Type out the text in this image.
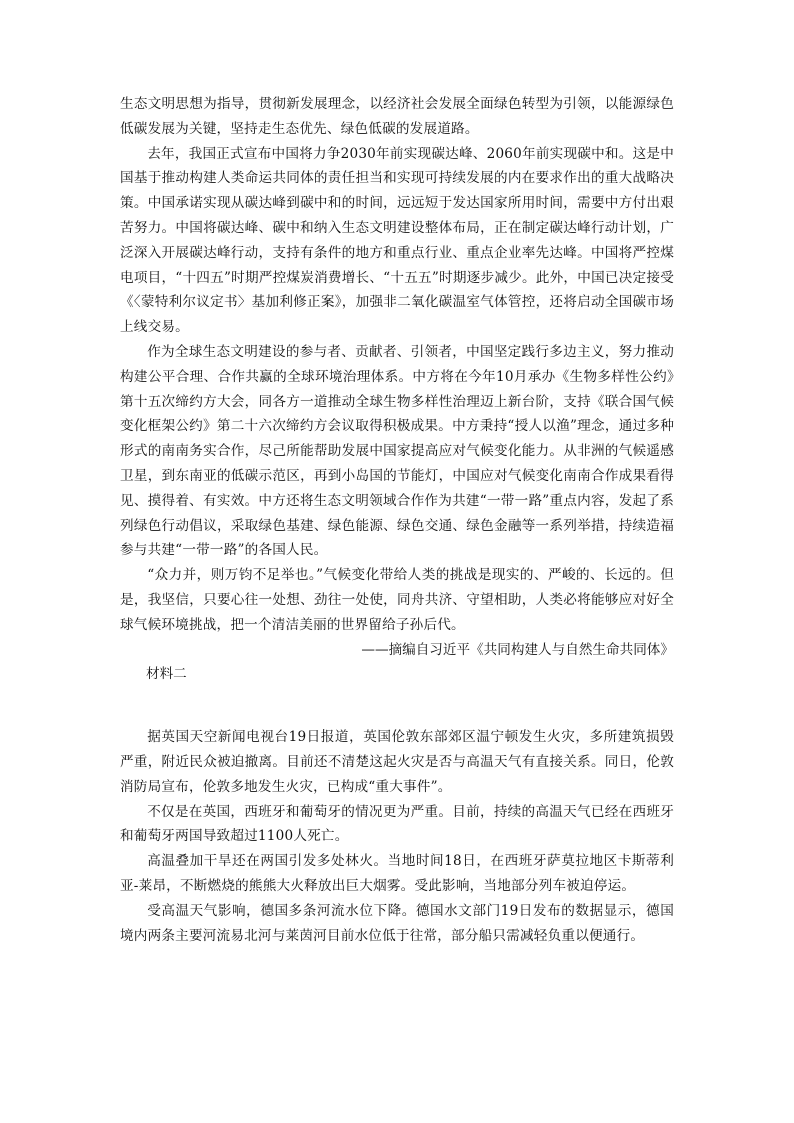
生态文明思想为指导，贯彻新发展理念，以经济社会发展全面绿色转型为引领，以能源绿色低碳发展为关键，坚持走生态优先、绿色低碳的发展道路。

去年，我国正式宣布中国将力争2030年前实现碳达峰、2060年前实现碳中和。这是中国基于推动构建人类命运共同体的责任担当和实现可持续发展的内在要求作出的重大战略决策。中国承诺实现从碳达峰到碳中和的时间，远远短于发达国家所用时间，需要中方付出艰苦努力。中国将碳达峰、碳中和纳入生态文明建设整体布局，正在制定碳达峰行动计划，广泛深入开展碳达峰行动，支持有条件的地方和重点行业、重点企业率先达峰。中国将严控煤电项目，“十四五”时期严控煤炭消费增长、“十五五”时期逐步减少。此外，中国已决定接受《〈蒙特利尔议定书〉基加利修正案》，加强非二氧化碳温室气体管控，还将启动全国碳市场上线交易。

作为全球生态文明建设的参与者、贡献者、引领者，中国坚定践行多边主义，努力推动构建公平合理、合作共赢的全球环境治理体系。中方将在今年10月承办《生物多样性公约》第十五次缔约方大会，同各方一道推动全球生物多样性治理迈上新台阶，支持《联合国气候变化框架公约》第二十六次缔约方会议取得积极成果。中方秉持“授人以渔”理念，通过多种形式的南南务实合作，尽己所能帮助发展中国家提高应对气候变化能力。从非洲的气候遥感卫星，到东南亚的低碳示范区，再到小岛国的节能灯，中国应对气候变化南南合作成果看得见、摸得着、有实效。中方还将生态文明领域合作作为共建“一带一路”重点内容，发起了系列绿色行动倡议，采取绿色基建、绿色能源、绿色交通、绿色金融等一系列举措，持续造福参与共建“一带一路”的各国人民。

“众力并，则万钧不足举也。”气候变化带给人类的挑战是现实的、严峻的、长远的。但是，我坚信，只要心往一处想、劲往一处使，同舟共济、守望相助，人类必将能够应对好全球气候环境挑战，把一个清洁美丽的世界留给子孙后代。

——摘编自习近平《共同构建人与自然生命共同体》

材料二

据英国天空新闻电视台19日报道，英国伦敦东部郊区温宁顿发生火灾，多所建筑损毁严重，附近民众被迫撤离。目前还不清楚这起火灾是否与高温天气有直接关系。同日，伦敦消防局宣布，伦敦多地发生火灾，已构成“重大事件”。

不仅是在英国，西班牙和葡萄牙的情况更为严重。目前，持续的高温天气已经在西班牙和葡萄牙两国导致超过1100人死亡。

高温叠加干旱还在两国引发多处林火。当地时间18日，在西班牙萨莫拉地区卡斯蒂利亚-莱昂，不断燃烧的熊熊大火释放出巨大烟雾。受此影响，当地部分列车被迫停运。

受高温天气影响，德国多条河流水位下降。德国水文部门19日发布的数据显示，德国境内两条主要河流易北河与莱茵河目前水位低于往常，部分船只需减轻负重以便通行。
